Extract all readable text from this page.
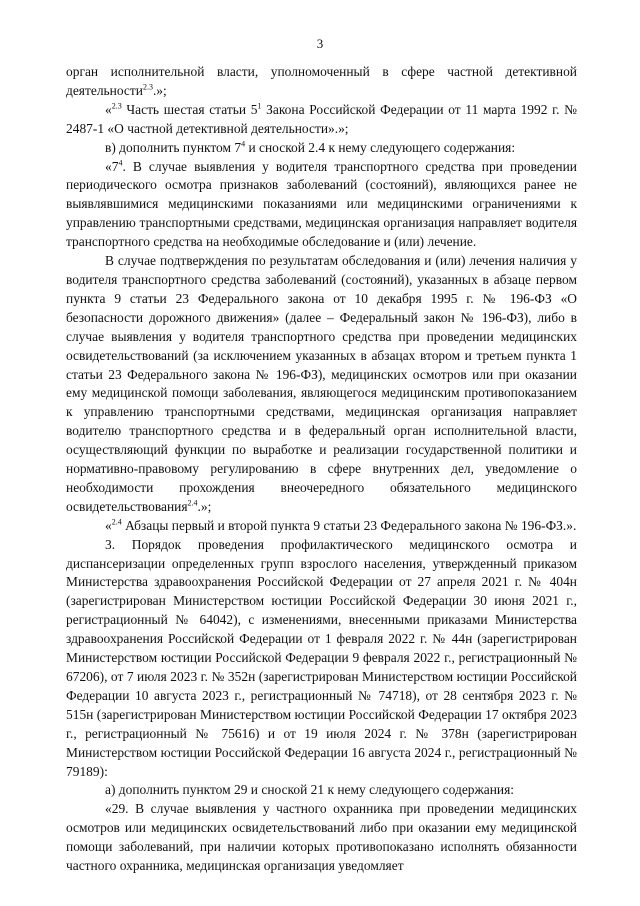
3

орган исполнительной власти, уполномоченный в сфере частной детективной деятельности$^{2.3}$.»;

«$^{2.3}$ Часть шестая статьи $5^1$ Закона Российской Федерации от 11 марта 1992 г. № 2487-1 «О частной детективной деятельности».»;

в) дополнить пунктом $7^4$ и сноской 2.4 к нему следующего содержания:

«$7^4$. В случае выявления у водителя транспортного средства при проведении периодического осмотра признаков заболеваний (состояний), являющихся ранее не выявлявшимися медицинскими показаниями или медицинскими ограничениями к управлению транспортными средствами, медицинская организация направляет водителя транспортного средства на необходимые обследование и (или) лечение.

В случае подтверждения по результатам обследования и (или) лечения наличия у водителя транспортного средства заболеваний (состояний), указанных в абзаце первом пункта 9 статьи 23 Федерального закона от 10 декабря 1995 г. № 196-ФЗ «О безопасности дорожного движения» (далее – Федеральный закон № 196-ФЗ), либо в случае выявления у водителя транспортного средства при проведении медицинских освидетельствований (за исключением указанных в абзацах втором и третьем пункта 1 статьи 23 Федерального закона № 196-ФЗ), медицинских осмотров или при оказании ему медицинской помощи заболевания, являющегося медицинским противопоказанием к управлению транспортными средствами, медицинская организация направляет водителю транспортного средства и в федеральный орган исполнительной власти, осуществляющий функции по выработке и реализации государственной политики и нормативно-правовому регулированию в сфере внутренних дел, уведомление о необходимости прохождения внеочередного обязательного медицинского освидетельствования$^{2.4}$.»;

«$^{2.4}$ Абзацы первый и второй пункта 9 статьи 23 Федерального закона № 196-ФЗ.».

3. Порядок проведения профилактического медицинского осмотра и диспансеризации определенных групп взрослого населения, утвержденный приказом Министерства здравоохранения Российской Федерации от 27 апреля 2021 г. № 404н (зарегистрирован Министерством юстиции Российской Федерации 30 июня 2021 г., регистрационный № 64042), с изменениями, внесенными приказами Министерства здравоохранения Российской Федерации от 1 февраля 2022 г. № 44н (зарегистрирован Министерством юстиции Российской Федерации 9 февраля 2022 г., регистрационный № 67206), от 7 июля 2023 г. № 352н (зарегистрирован Министерством юстиции Российской Федерации 10 августа 2023 г., регистрационный № 74718), от 28 сентября 2023 г. № 515н (зарегистрирован Министерством юстиции Российской Федерации 17 октября 2023 г., регистрационный № 75616) и от 19 июля 2024 г. № 378н (зарегистрирован Министерством юстиции Российской Федерации 16 августа 2024 г., регистрационный № 79189):

а) дополнить пунктом 29 и сноской 21 к нему следующего содержания:

«29. В случае выявления у частного охранника при проведении медицинских осмотров или медицинских освидетельствований либо при оказании ему медицинской помощи заболеваний, при наличии которых противопоказано исполнять обязанности частного охранника, медицинская организация уведомляет
